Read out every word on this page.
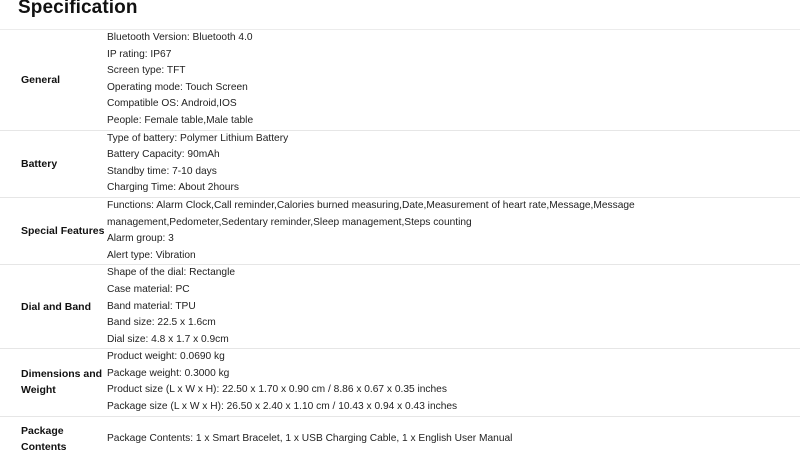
Specification
General
Bluetooth Version: Bluetooth 4.0
IP rating: IP67
Screen type: TFT
Operating mode: Touch Screen
Compatible OS: Android,IOS
People: Female table,Male table
Battery
Type of battery: Polymer Lithium Battery
Battery Capacity: 90mAh
Standby time: 7-10 days
Charging Time: About 2hours
Special Features
Functions: Alarm Clock,Call reminder,Calories burned measuring,Date,Measurement of heart rate,Message,Message management,Pedometer,Sedentary reminder,Sleep management,Steps counting
Alarm group: 3
Alert type: Vibration
Dial and Band
Shape of the dial: Rectangle
Case material: PC
Band material: TPU
Band size: 22.5 x 1.6cm
Dial size: 4.8 x 1.7 x 0.9cm
Dimensions and Weight
Product weight: 0.0690 kg
Package weight: 0.3000 kg
Product size (L x W x H): 22.50 x 1.70 x 0.90 cm / 8.86 x 0.67 x 0.35 inches
Package size (L x W x H): 26.50 x 2.40 x 1.10 cm / 10.43 x 0.94 x 0.43 inches
Package Contents
Package Contents: 1 x Smart Bracelet, 1 x USB Charging Cable, 1 x English User Manual
